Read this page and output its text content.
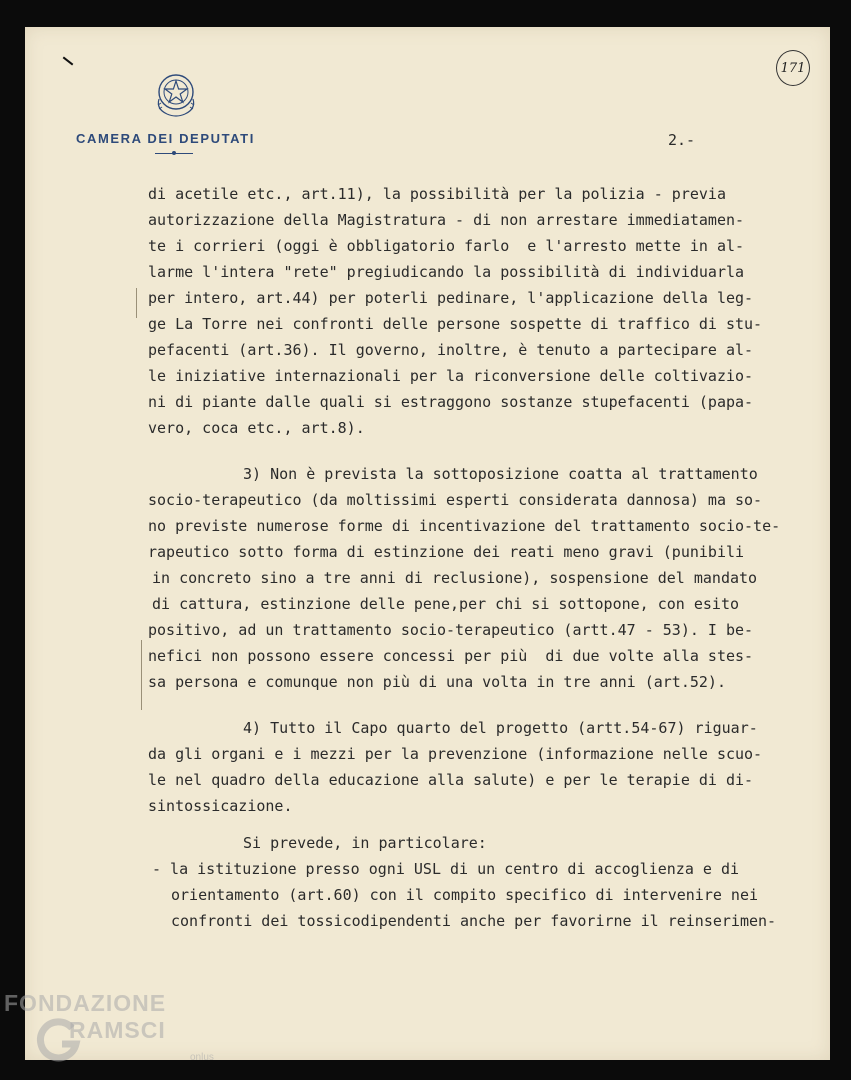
CAMERA DEI DEPUTATI	2.-
171
di acetile etc., art.11), la possibilità per la polizia - previa
autorizzazione della Magistratura - di non arrestare immediatamen-
te i corrieri (oggi è obbligatorio farlo  e l'arresto mette in al-
larme l'intera "rete" pregiudicando la possibilità di individuarla
per intero, art.44) per poterli pedinare, l'applicazione della leg-
ge La Torre nei confronti delle persone sospette di traffico di stu-
pefacenti (art.36). Il governo, inoltre, è tenuto a partecipare al-
le iniziative internazionali per la riconversione delle coltivazio-
ni di piante dalle quali si estraggono sostanze stupefacenti (papa-
vero, coca etc., art.8).
3) Non è prevista la sottoposizione coatta al trattamento
socio-terapeutico (da moltissimi esperti considerata dannosa) ma so-
no previste numerose forme di incentivazione del trattamento socio-te-
rapeutico sotto forma di estinzione dei reati meno gravi (punibili
in concreto sino a tre anni di reclusione), sospensione del mandato
di cattura, estinzione delle pene,per chi si sottopone, con esito
positivo, ad un trattamento socio-terapeutico (artt.47 - 53). I be-
nefici non possono essere concessi per più  di due volte alla stes-
sa persona e comunque non più di una volta in tre anni (art.52).
4) Tutto il Capo quarto del progetto (artt.54-67) riguar-
da gli organi e i mezzi per la prevenzione (informazione nelle scuo-
le nel quadro della educazione alla salute) e per le terapie di di-
sintossicazione.
Si prevede, in particolare:
- la istituzione presso ogni USL di un centro di accoglienza e di
orientamento (art.60) con il compito specifico di intervenire nei
confronti dei tossicodipendenti anche per favorirne il reinserimen-
FONDAZIONE
RAMSCI
onlus
